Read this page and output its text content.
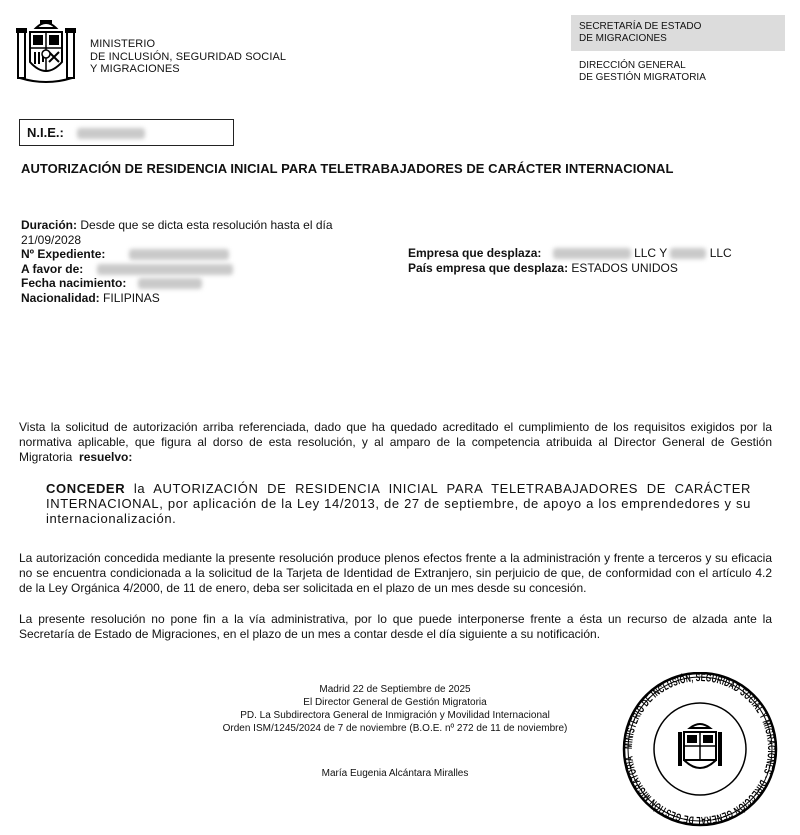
MINISTERIO
DE INCLUSIÓN, SEGURIDAD SOCIAL
Y MIGRACIONES
SECRETARÍA DE ESTADO
DE MIGRACIONES
DIRECCIÓN GENERAL
DE GESTIÓN MIGRATORIA
N.I.E.:
AUTORIZACIÓN DE RESIDENCIA INICIAL PARA TELETRABAJADORES DE CARÁCTER INTERNACIONAL
Duración: Desde que se dicta esta resolución hasta el día
21/09/2028
Nº Expediente:
A favor de:
Fecha nacimiento:
Nacionalidad: FILIPINAS
Empresa que desplaza:	LLC Y	LLC
País empresa que desplaza: ESTADOS UNIDOS
Vista la solicitud de autorización arriba referenciada, dado que ha quedado acreditado el cumplimiento de los requisitos exigidos por la normativa aplicable, que figura al dorso de esta resolución, y al amparo de la competencia atribuida al Director General de Gestión Migratoria resuelvo:
CONCEDER la AUTORIZACIÓN DE RESIDENCIA INICIAL PARA TELETRABAJADORES DE CARÁCTER INTERNACIONAL, por aplicación de la Ley 14/2013, de 27 de septiembre, de apoyo a los emprendedores y su internacionalización.
La autorización concedida mediante la presente resolución produce plenos efectos frente a la administración y frente a terceros y su eficacia no se encuentra condicionada a la solicitud de la Tarjeta de Identidad de Extranjero, sin perjuicio de que, de conformidad con el artículo 4.2 de la Ley Orgánica 4/2000, de 11 de enero, deba ser solicitada en el plazo de un mes desde su concesión.
La presente resolución no pone fin a la vía administrativa, por lo que puede interponerse frente a ésta un recurso de alzada ante la Secretaría de Estado de Migraciones, en el plazo de un mes a contar desde el día siguiente a su notificación.
Madrid 22 de Septiembre de 2025
El Director General de Gestión Migratoria
PD. La Subdirectora General de Inmigración y Movilidad Internacional
Orden ISM/1245/2024 de 7 de noviembre (B.O.E. nº 272 de 11 de noviembre)
María Eugenia Alcántara Miralles
MINISTERIO DE INCLUSIÓN, SEGURIDAD SOCIAL Y MIGRACIONES · DIRECCIÓN GENERAL DE GESTIÓN MIGRATORIA
